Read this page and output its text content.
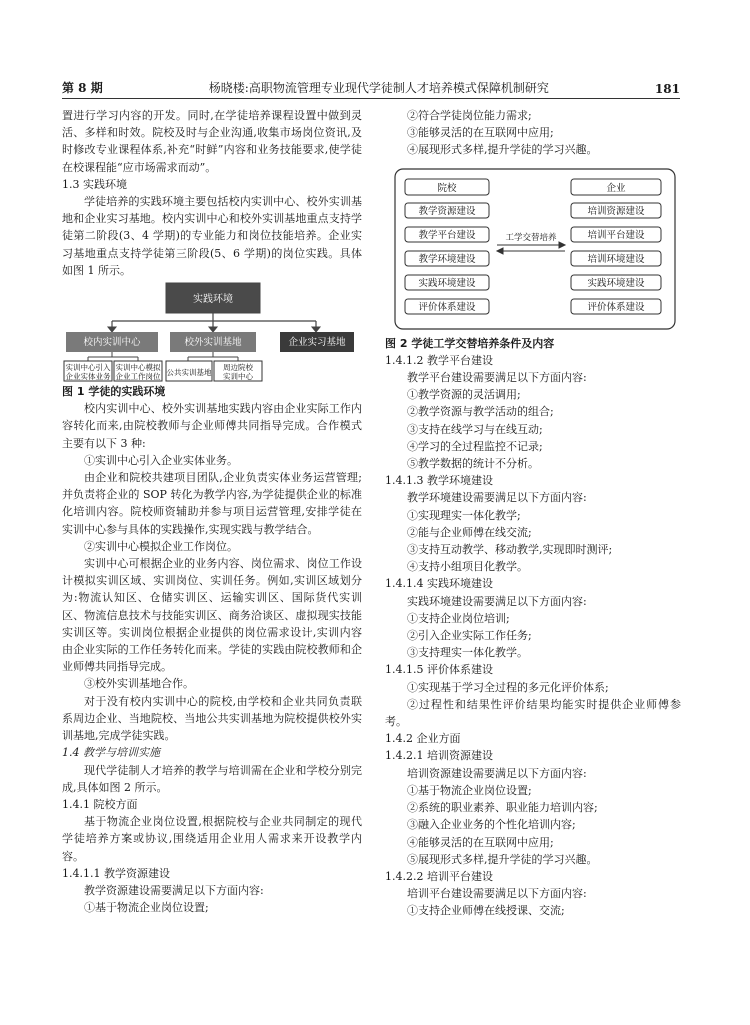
第 8 期	杨晓楼:高职物流管理专业现代学徒制人才培养模式保障机制研究	181

置进行学习内容的开发。同时,在学徒培养课程设置中做到灵活、多样和时效。院校及时与企业沟通,收集市场岗位资讯,及时修改专业课程体系,补充“时鲜”内容和业务技能要求,使学徒在校课程能“应市场需求而动”。

1.3 实践环境

学徒培养的实践环境主要包括校内实训中心、校外实训基地和企业实习基地。校内实训中心和校外实训基地重点支持学徒第二阶段(3、4 学期)的专业能力和岗位技能培养。企业实习基地重点支持学徒第三阶段(5、6 学期)的岗位实践。具体如图 1 所示。

实践环境
校内实训中心	校外实训基地	企业实习基地
实训中心引入
企业实体业务
实训中心模拟
企业工作岗位 公共实训基地
周边院校
实训中心

图 1 学徒的实践环境

校内实训中心、校外实训基地实践内容由企业实际工作内容转化而来,由院校教师与企业师傅共同指导完成。合作模式主要有以下 3 种:

①实训中心引入企业实体业务。

由企业和院校共建项目团队,企业负责实体业务运营管理;并负责将企业的 SOP 转化为教学内容,为学徒提供企业的标准化培训内容。院校师资辅助并参与项目运营管理,安排学徒在实训中心参与具体的实践操作,实现实践与教学结合。

②实训中心模拟企业工作岗位。

实训中心可根据企业的业务内容、岗位需求、岗位工作设计模拟实训区域、实训岗位、实训任务。例如,实训区域划分为:物流认知区、仓储实训区、运输实训区、国际货代实训区、物流信息技术与技能实训区、商务洽谈区、虚拟现实技能实训区等。实训岗位根据企业提供的岗位需求设计,实训内容由企业实际的工作任务转化而来。学徒的实践由院校教师和企业师傅共同指导完成。

③校外实训基地合作。

对于没有校内实训中心的院校,由学校和企业共同负责联系周边企业、当地院校、当地公共实训基地为院校提供校外实训基地,完成学徒实践。

1.4 教学与培训实施

现代学徒制人才培养的教学与培训需在企业和学校分别完成,具体如图 2 所示。

1.4.1 院校方面

基于物流企业岗位设置,根据院校与企业共同制定的现代学徒培养方案或协议,围绕适用企业用人需求来开设教学内容。

1.4.1.1 教学资源建设

教学资源建设需要满足以下方面内容:

①基于物流企业岗位设置;

②符合学徒岗位能力需求;

③能够灵活的在互联网中应用;

④展现形式多样,提升学徒的学习兴趣。

院校	企业
教学资源建设
教学平台建设
教学环境建设
实践环境建设
评价体系建设
培训资源建设
培训平台建设
培训环境建设
实践环境建设
评价体系建设
工学交替培养

图 2 学徒工学交替培养条件及内容

1.4.1.2 教学平台建设

教学平台建设需要满足以下方面内容:

①教学资源的灵活调用;

②教学资源与教学活动的组合;

③支持在线学习与在线互动;

④学习的全过程监控不记录;

⑤教学数据的统计不分析。

1.4.1.3 教学环境建设

教学环境建设需要满足以下方面内容:

①实现理实一体化教学;

②能与企业师傅在线交流;

③支持互动教学、移动教学,实现即时测评;

④支持小组项目化教学。

1.4.1.4 实践环境建设

实践环境建设需要满足以下方面内容:

①支持企业岗位培训;

②引入企业实际工作任务;

③支持理实一体化教学。

1.4.1.5 评价体系建设

①实现基于学习全过程的多元化评价体系;

②过程性和结果性评价结果均能实时提供企业师傅参考。

1.4.2 企业方面

1.4.2.1 培训资源建设

培训资源建设需要满足以下方面内容:

①基于物流企业岗位设置;

②系统的职业素养、职业能力培训内容;

③融入企业业务的个性化培训内容;

④能够灵活的在互联网中应用;

⑤展现形式多样,提升学徒的学习兴趣。

1.4.2.2 培训平台建设

培训平台建设需要满足以下方面内容:

①支持企业师傅在线授课、交流;
